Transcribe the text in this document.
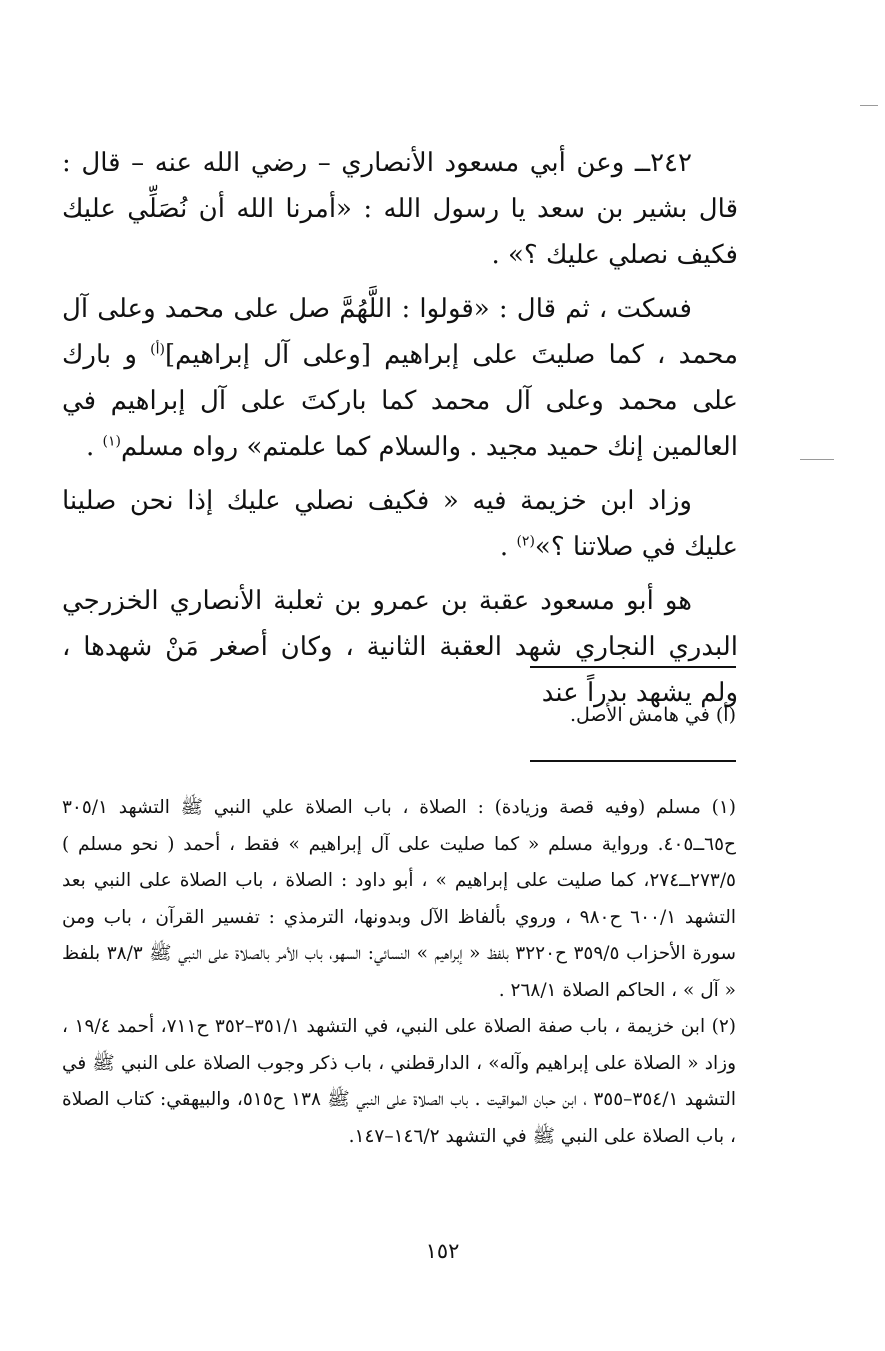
٢٤٢ــ وعن أبي مسعود الأنصاري – رضي الله عنه – قال : قال بشير بن سعد يا رسول الله : «أمرنا الله أن نُصَلِّي عليك فكيف نصلي عليك ؟» .

فسكت ، ثم قال : «قولوا : اللَّهُمَّ صل على محمد وعلى آل محمد ، كما صليتَ على إبراهيم [وعلى آل إبراهيم]$^{(أ)}$ و بارك على محمد وعلى آل محمد كما باركتَ على آل إبراهيم في العالمين إنك حميد مجيد . والسلام كما علمتم» رواه مسلم$^{(١)}$ .

وزاد ابن خزيمة فيه « فكيف نصلي عليك إذا نحن صلينا عليك في صلاتنا ؟»$^{(٢)}$ .

هو أبو مسعود عقبة بن عمرو بن ثعلبة الأنصاري الخزرجي البدري النجاري شهد العقبة الثانية ، وكان أصغر مَنْ شهدها ، ولم يشهد بدراً عند

(أ) في هامش الأصل.

(١) مسلم (وفيه قصة وزيادة) : الصلاة ، باب الصلاة علي النبي ﷺ التشهد ٣٠٥/١ ح٦٥ــ٤٠٥. ورواية مسلم « كما صليت على آل إبراهيم » فقط ، أحمد ( نحو مسلم ) ٢٧٣/٥ــ٢٧٤، كما صليت على إبراهيم » ، أبو داود : الصلاة ، باب الصلاة على النبي بعد التشهد ٦٠٠/١ ح٩٨٠ ، وروي بألفاظ الآل وبدونها، الترمذي : تفسير القرآن ، باب ومن سورة الأحزاب ٣٥٩/٥ ح٣٢٢٠ بلفظ « إبراهيم » النسائي: السهو، باب الأمر بالصلاة على النبي ﷺ ٣٨/٣ بلفظ « آل » ، الحاكم الصلاة ٢٦٨/١ .

(٢) ابن خزيمة ، باب صفة الصلاة على النبي، في التشهد ٣٥١/١–٣٥٢ ح٧١١، أحمد ١٩/٤ ، وزاد « الصلاة على إبراهيم وآله» ، الدارقطني ، باب ذكر وجوب الصلاة على النبي ﷺ في التشهد ٣٥٤/١–٣٥٥ ، ابن حبان المواقيت . باب الصلاة على النبي ﷺ ١٣٨ ح٥١٥، والبيهقي: كتاب الصلاة ، باب الصلاة على النبي ﷺ في التشهد ١٤٦/٢–١٤٧.

١٥٢
